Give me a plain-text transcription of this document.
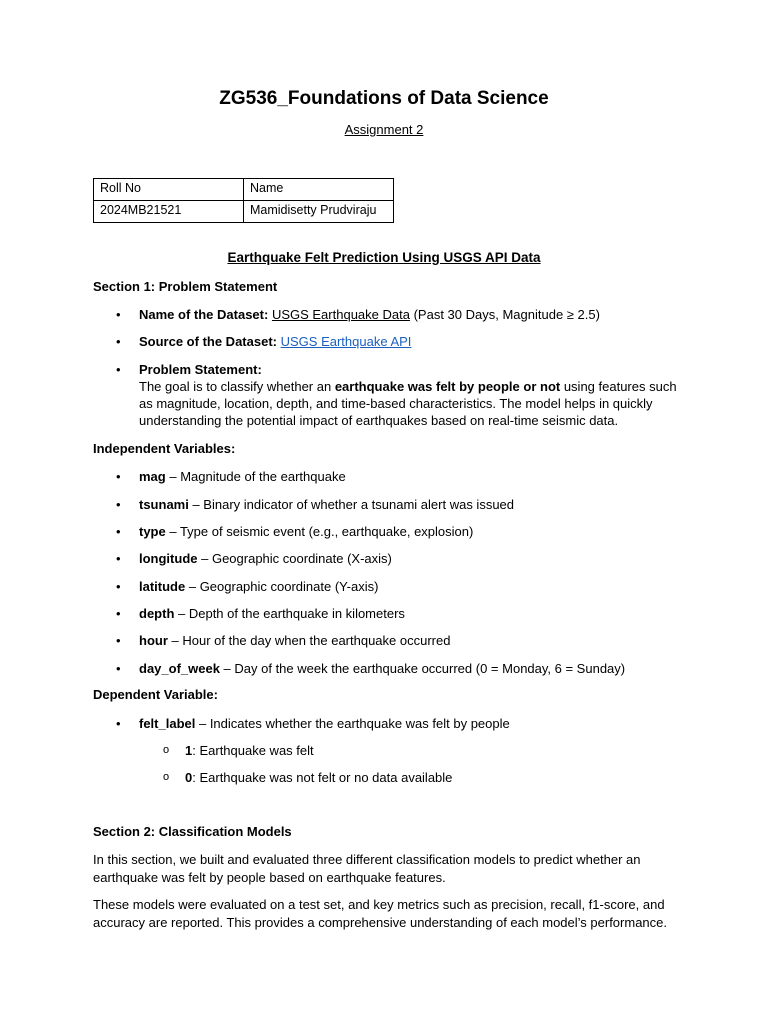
ZG536_Foundations of Data Science
Assignment 2
Roll No	Name
2024MB21521	Mamidisetty Prudviraju
Earthquake Felt Prediction Using USGS API Data
Section 1: Problem Statement
• Name of the Dataset: USGS Earthquake Data (Past 30 Days, Magnitude ≥ 2.5)
• Source of the Dataset: USGS Earthquake API
• Problem Statement:
The goal is to classify whether an earthquake was felt by people or not using features such
as magnitude, location, depth, and time-based characteristics. The model helps in quickly
understanding the potential impact of earthquakes based on real-time seismic data.
Independent Variables:
• mag – Magnitude of the earthquake
• tsunami – Binary indicator of whether a tsunami alert was issued
• type – Type of seismic event (e.g., earthquake, explosion)
• longitude – Geographic coordinate (X-axis)
• latitude – Geographic coordinate (Y-axis)
• depth – Depth of the earthquake in kilometers
• hour – Hour of the day when the earthquake occurred
• day_of_week – Day of the week the earthquake occurred (0 = Monday, 6 = Sunday)
Dependent Variable:
• felt_label – Indicates whether the earthquake was felt by people
o 1: Earthquake was felt
o 0: Earthquake was not felt or no data available
Section 2: Classification Models
In this section, we built and evaluated three different classification models to predict whether an
earthquake was felt by people based on earthquake features.
These models were evaluated on a test set, and key metrics such as precision, recall, f1-score, and
accuracy are reported. This provides a comprehensive understanding of each model’s performance.
